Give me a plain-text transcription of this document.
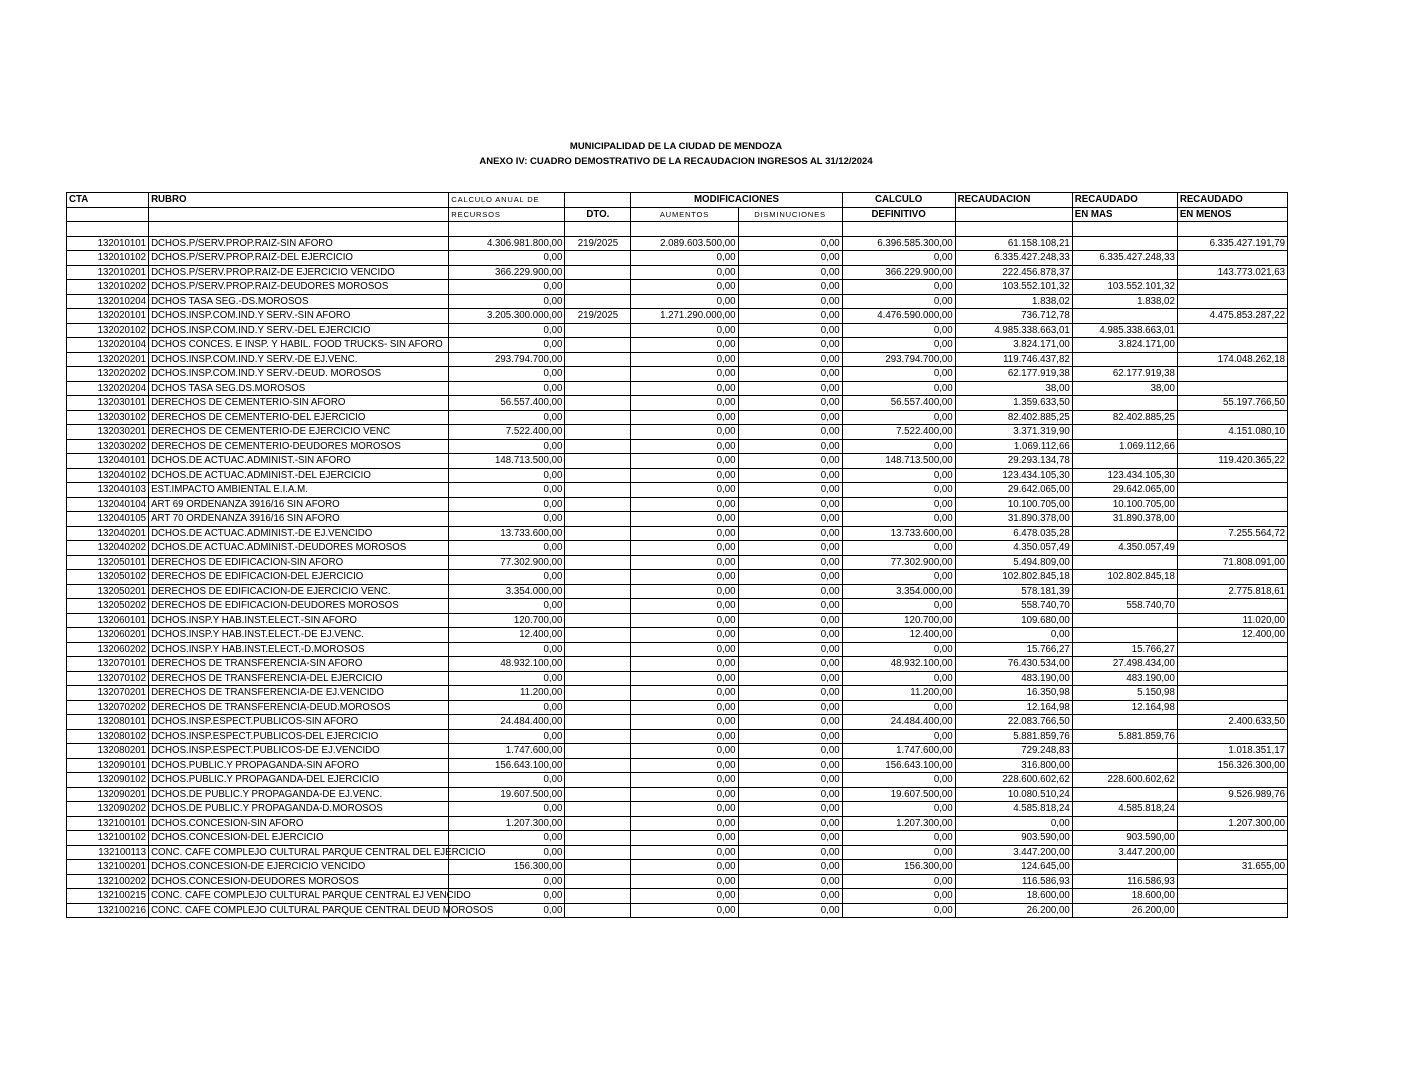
MUNICIPALIDAD DE LA CIUDAD DE MENDOZA
ANEXO IV: CUADRO DEMOSTRATIVO DE LA RECAUDACION INGRESOS AL 31/12/2024
CTA	RUBRO	CALCULO ANUAL DE		MODIFICACIONES		CALCULO	RECAUDACION	RECAUDADO	RECAUDADO
		RECURSOS	DTO.	AUMENTOS	DISMINUCIONES	DEFINITIVO		EN MAS	EN MENOS

132010101	DCHOS.P/SERV.PROP.RAIZ-SIN AFORO	4.306.981.800,00	219/2025	2.089.603.500,00	0,00	6.396.585.300,00	61.158.108,21		6.335.427.191,79
132010102	DCHOS.P/SERV.PROP.RAIZ-DEL EJERCICIO	0,00		0,00	0,00	0,00	6.335.427.248,33	6.335.427.248,33	
132010201	DCHOS.P/SERV.PROP.RAIZ-DE EJERCICIO VENCIDO	366.229.900,00		0,00	0,00	366.229.900,00	222.456.878,37		143.773.021,63
132010202	DCHOS.P/SERV.PROP.RAIZ-DEUDORES MOROSOS	0,00		0,00	0,00	0,00	103.552.101,32	103.552.101,32	
132010204	DCHOS TASA SEG.-DS.MOROSOS	0,00		0,00	0,00	0,00	1.838,02	1.838,02	
132020101	DCHOS.INSP.COM.IND.Y SERV.-SIN AFORO	3.205.300.000,00	219/2025	1.271.290.000,00	0,00	4.476.590.000,00	736.712,78		4.475.853.287,22
132020102	DCHOS.INSP.COM.IND.Y SERV.-DEL EJERCICIO	0,00		0,00	0,00	0,00	4.985.338.663,01	4.985.338.663,01	
132020104	DCHOS CONCES. E INSP. Y HABIL. FOOD TRUCKS- SIN AFORO	0,00		0,00	0,00	0,00	3.824.171,00	3.824.171,00	
132020201	DCHOS.INSP.COM.IND.Y SERV.-DE EJ.VENC.	293.794.700,00		0,00	0,00	293.794.700,00	119.746.437,82		174.048.262,18
132020202	DCHOS.INSP.COM.IND.Y SERV.-DEUD. MOROSOS	0,00		0,00	0,00	0,00	62.177.919,38	62.177.919,38	
132020204	DCHOS TASA SEG.DS.MOROSOS	0,00		0,00	0,00	0,00	38,00	38,00	
132030101	DERECHOS DE CEMENTERIO-SIN AFORO	56.557.400,00		0,00	0,00	56.557.400,00	1.359.633,50		55.197.766,50
132030102	DERECHOS DE CEMENTERIO-DEL EJERCICIO	0,00		0,00	0,00	0,00	82.402.885,25	82.402.885,25	
132030201	DERECHOS DE CEMENTERIO-DE EJERCICIO VENC	7.522.400,00		0,00	0,00	7.522.400,00	3.371.319,90		4.151.080,10
132030202	DERECHOS DE CEMENTERIO-DEUDORES MOROSOS	0,00		0,00	0,00	0,00	1.069.112,66	1.069.112,66	
132040101	DCHOS.DE ACTUAC.ADMINIST.-SIN AFORO	148.713.500,00		0,00	0,00	148.713.500,00	29.293.134,78		119.420.365,22
132040102	DCHOS.DE ACTUAC.ADMINIST.-DEL EJERCICIO	0,00		0,00	0,00	0,00	123.434.105,30	123.434.105,30	
132040103	EST.IMPACTO AMBIENTAL E.I.A.M.	0,00		0,00	0,00	0,00	29.642.065,00	29.642.065,00	
132040104	ART 69 ORDENANZA 3916/16 SIN AFORO	0,00		0,00	0,00	0,00	10.100.705,00	10.100.705,00	
132040105	ART 70 ORDENANZA 3916/16 SIN AFORO	0,00		0,00	0,00	0,00	31.890.378,00	31.890.378,00	
132040201	DCHOS.DE ACTUAC.ADMINIST.-DE EJ.VENCIDO	13.733.600,00		0,00	0,00	13.733.600,00	6.478.035,28		7.255.564,72
132040202	DCHOS.DE ACTUAC.ADMINIST.-DEUDORES MOROSOS	0,00		0,00	0,00	0,00	4.350.057,49	4.350.057,49	
132050101	DERECHOS DE EDIFICACION-SIN AFORO	77.302.900,00		0,00	0,00	77.302.900,00	5.494.809,00		71.808.091,00
132050102	DERECHOS DE EDIFICACION-DEL EJERCICIO	0,00		0,00	0,00	0,00	102.802.845,18	102.802.845,18	
132050201	DERECHOS DE EDIFICACION-DE EJERCICIO VENC.	3.354.000,00		0,00	0,00	3.354.000,00	578.181,39		2.775.818,61
132050202	DERECHOS DE EDIFICACION-DEUDORES MOROSOS	0,00		0,00	0,00	0,00	558.740,70	558.740,70	
132060101	DCHOS.INSP.Y HAB.INST.ELECT.-SIN AFORO	120.700,00		0,00	0,00	120.700,00	109.680,00		11.020,00
132060201	DCHOS.INSP.Y HAB.INST.ELECT.-DE EJ.VENC.	12.400,00		0,00	0,00	12.400,00	0,00		12.400,00
132060202	DCHOS.INSP.Y HAB.INST.ELECT.-D.MOROSOS	0,00		0,00	0,00	0,00	15.766,27	15.766,27	
132070101	DERECHOS DE TRANSFERENCIA-SIN AFORO	48.932.100,00		0,00	0,00	48.932.100,00	76.430.534,00	27.498.434,00	
132070102	DERECHOS DE TRANSFERENCIA-DEL EJERCICIO	0,00		0,00	0,00	0,00	483.190,00	483.190,00	
132070201	DERECHOS DE TRANSFERENCIA-DE EJ.VENCIDO	11.200,00		0,00	0,00	11.200,00	16.350,98	5.150,98	
132070202	DERECHOS DE TRANSFERENCIA-DEUD.MOROSOS	0,00		0,00	0,00	0,00	12.164,98	12.164,98	
132080101	DCHOS.INSP.ESPECT.PUBLICOS-SIN AFORO	24.484.400,00		0,00	0,00	24.484.400,00	22.083.766,50		2.400.633,50
132080102	DCHOS.INSP.ESPECT.PUBLICOS-DEL EJERCICIO	0,00		0,00	0,00	0,00	5.881.859,76	5.881.859,76	
132080201	DCHOS.INSP.ESPECT.PUBLICOS-DE EJ.VENCIDO	1.747.600,00		0,00	0,00	1.747.600,00	729.248,83		1.018.351,17
132090101	DCHOS.PUBLIC.Y PROPAGANDA-SIN AFORO	156.643.100,00		0,00	0,00	156.643.100,00	316.800,00		156.326.300,00
132090102	DCHOS.PUBLIC.Y PROPAGANDA-DEL EJERCICIO	0,00		0,00	0,00	0,00	228.600.602,62	228.600.602,62	
132090201	DCHOS.DE PUBLIC.Y PROPAGANDA-DE EJ.VENC.	19.607.500,00		0,00	0,00	19.607.500,00	10.080.510,24		9.526.989,76
132090202	DCHOS.DE PUBLIC.Y PROPAGANDA-D.MOROSOS	0,00		0,00	0,00	0,00	4.585.818,24	4.585.818,24	
132100101	DCHOS.CONCESION-SIN AFORO	1.207.300,00		0,00	0,00	1.207.300,00	0,00		1.207.300,00
132100102	DCHOS.CONCESION-DEL EJERCICIO	0,00		0,00	0,00	0,00	903.590,00	903.590,00	
132100113	CONC. CAFE COMPLEJO CULTURAL PARQUE CENTRAL DEL EJERCICIO	0,00		0,00	0,00	0,00	3.447.200,00	3.447.200,00	
132100201	DCHOS.CONCESION-DE EJERCICIO VENCIDO	156.300,00		0,00	0,00	156.300,00	124.645,00		31.655,00
132100202	DCHOS.CONCESION-DEUDORES MOROSOS	0,00		0,00	0,00	0,00	116.586,93	116.586,93	
132100215	CONC. CAFE COMPLEJO CULTURAL PARQUE CENTRAL EJ VENCIDO	0,00		0,00	0,00	0,00	18.600,00	18.600,00	
132100216	CONC. CAFE COMPLEJO CULTURAL PARQUE CENTRAL DEUD MOROSOS	0,00		0,00	0,00	0,00	26.200,00	26.200,00	
